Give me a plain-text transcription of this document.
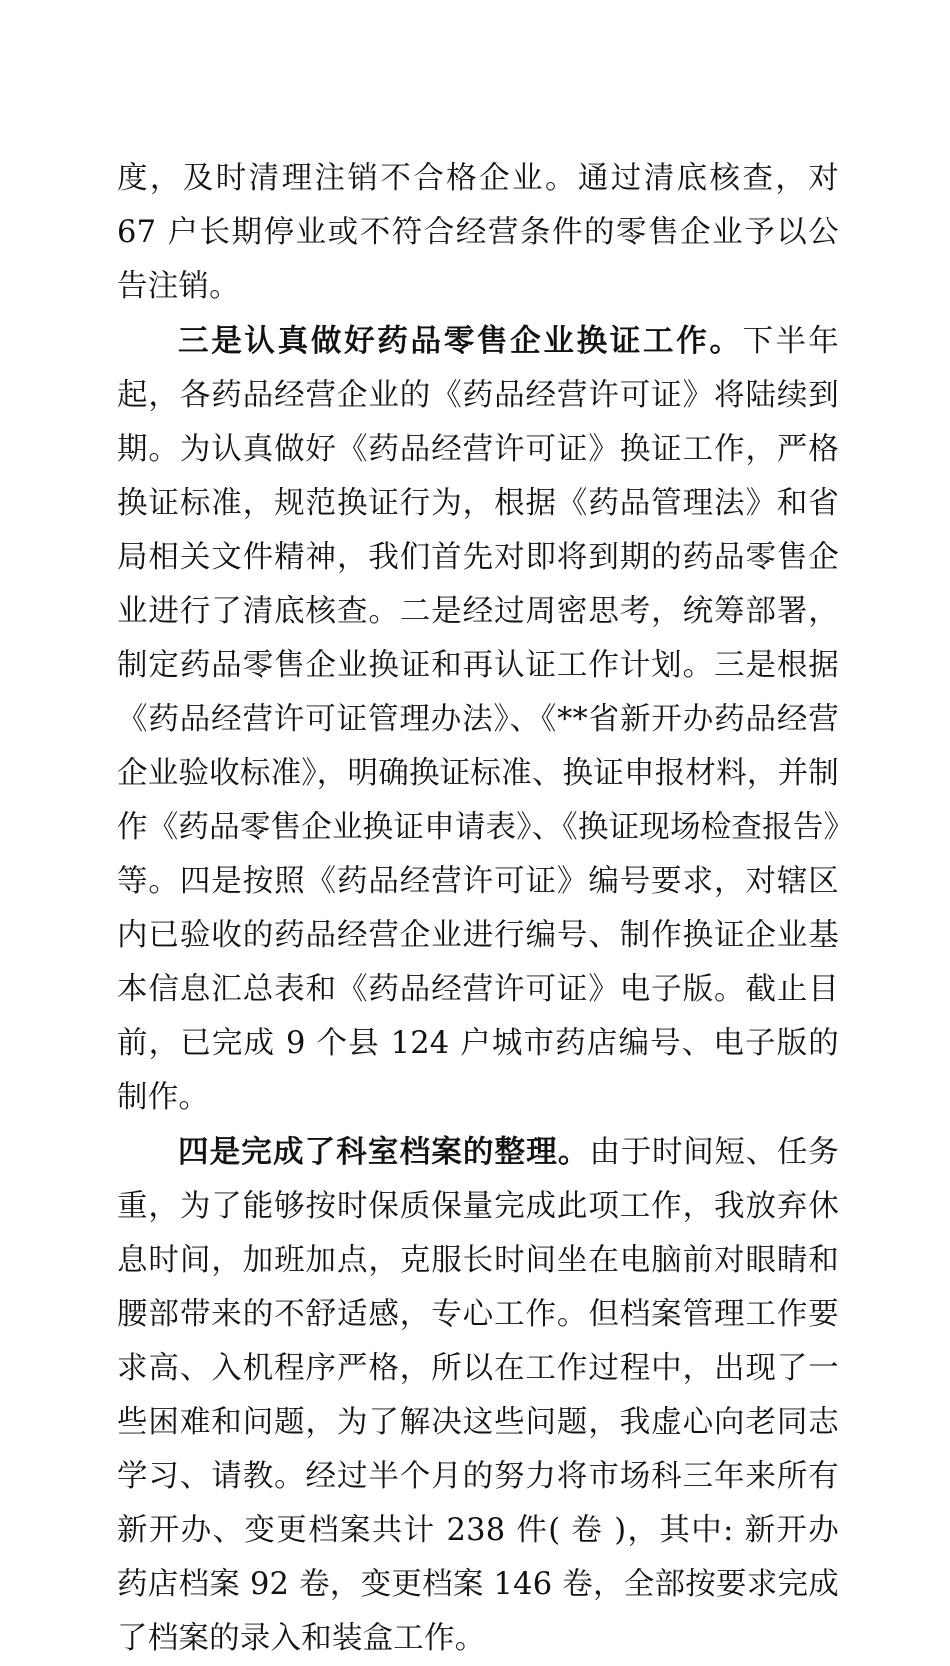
度，及时清理注销不合格企业。通过清底核查，对 67 户长期停业或不符合经营条件的零售企业予以公告注销。

三是认真做好药品零售企业换证工作。下半年起，各药品经营企业的《药品经营许可证》将陆续到期。为认真做好《药品经营许可证》换证工作，严格换证标准，规范换证行为，根据《药品管理法》和省局相关文件精神，我们首先对即将到期的药品零售企业进行了清底核查。二是经过周密思考，统筹部署，制定药品零售企业换证和再认证工作计划。三是根据《药品经营许可证管理办法》、《**省新开办药品经营企业验收标准》，明确换证标准、换证申报材料，并制作《药品零售企业换证申请表》、《换证现场检查报告》等。四是按照《药品经营许可证》编号要求，对辖区内已验收的药品经营企业进行编号、制作换证企业基本信息汇总表和《药品经营许可证》电子版。截止目前，已完成 9 个县 124 户城市药店编号、电子版的制作。

四是完成了科室档案的整理。由于时间短、任务重，为了能够按时保质保量完成此项工作，我放弃休息时间，加班加点，克服长时间坐在电脑前对眼睛和腰部带来的不舒适感，专心工作。但档案管理工作要求高、入机程序严格，所以在工作过程中，出现了一些困难和问题，为了解决这些问题，我虚心向老同志学习、请教。经过半个月的努力将市场科三年来所有新开办、变更档案共计 238 件( 卷 )，其中: 新开办药店档案 92 卷，变更档案 146 卷，全部按要求完成了档案的录入和装盒工作。
